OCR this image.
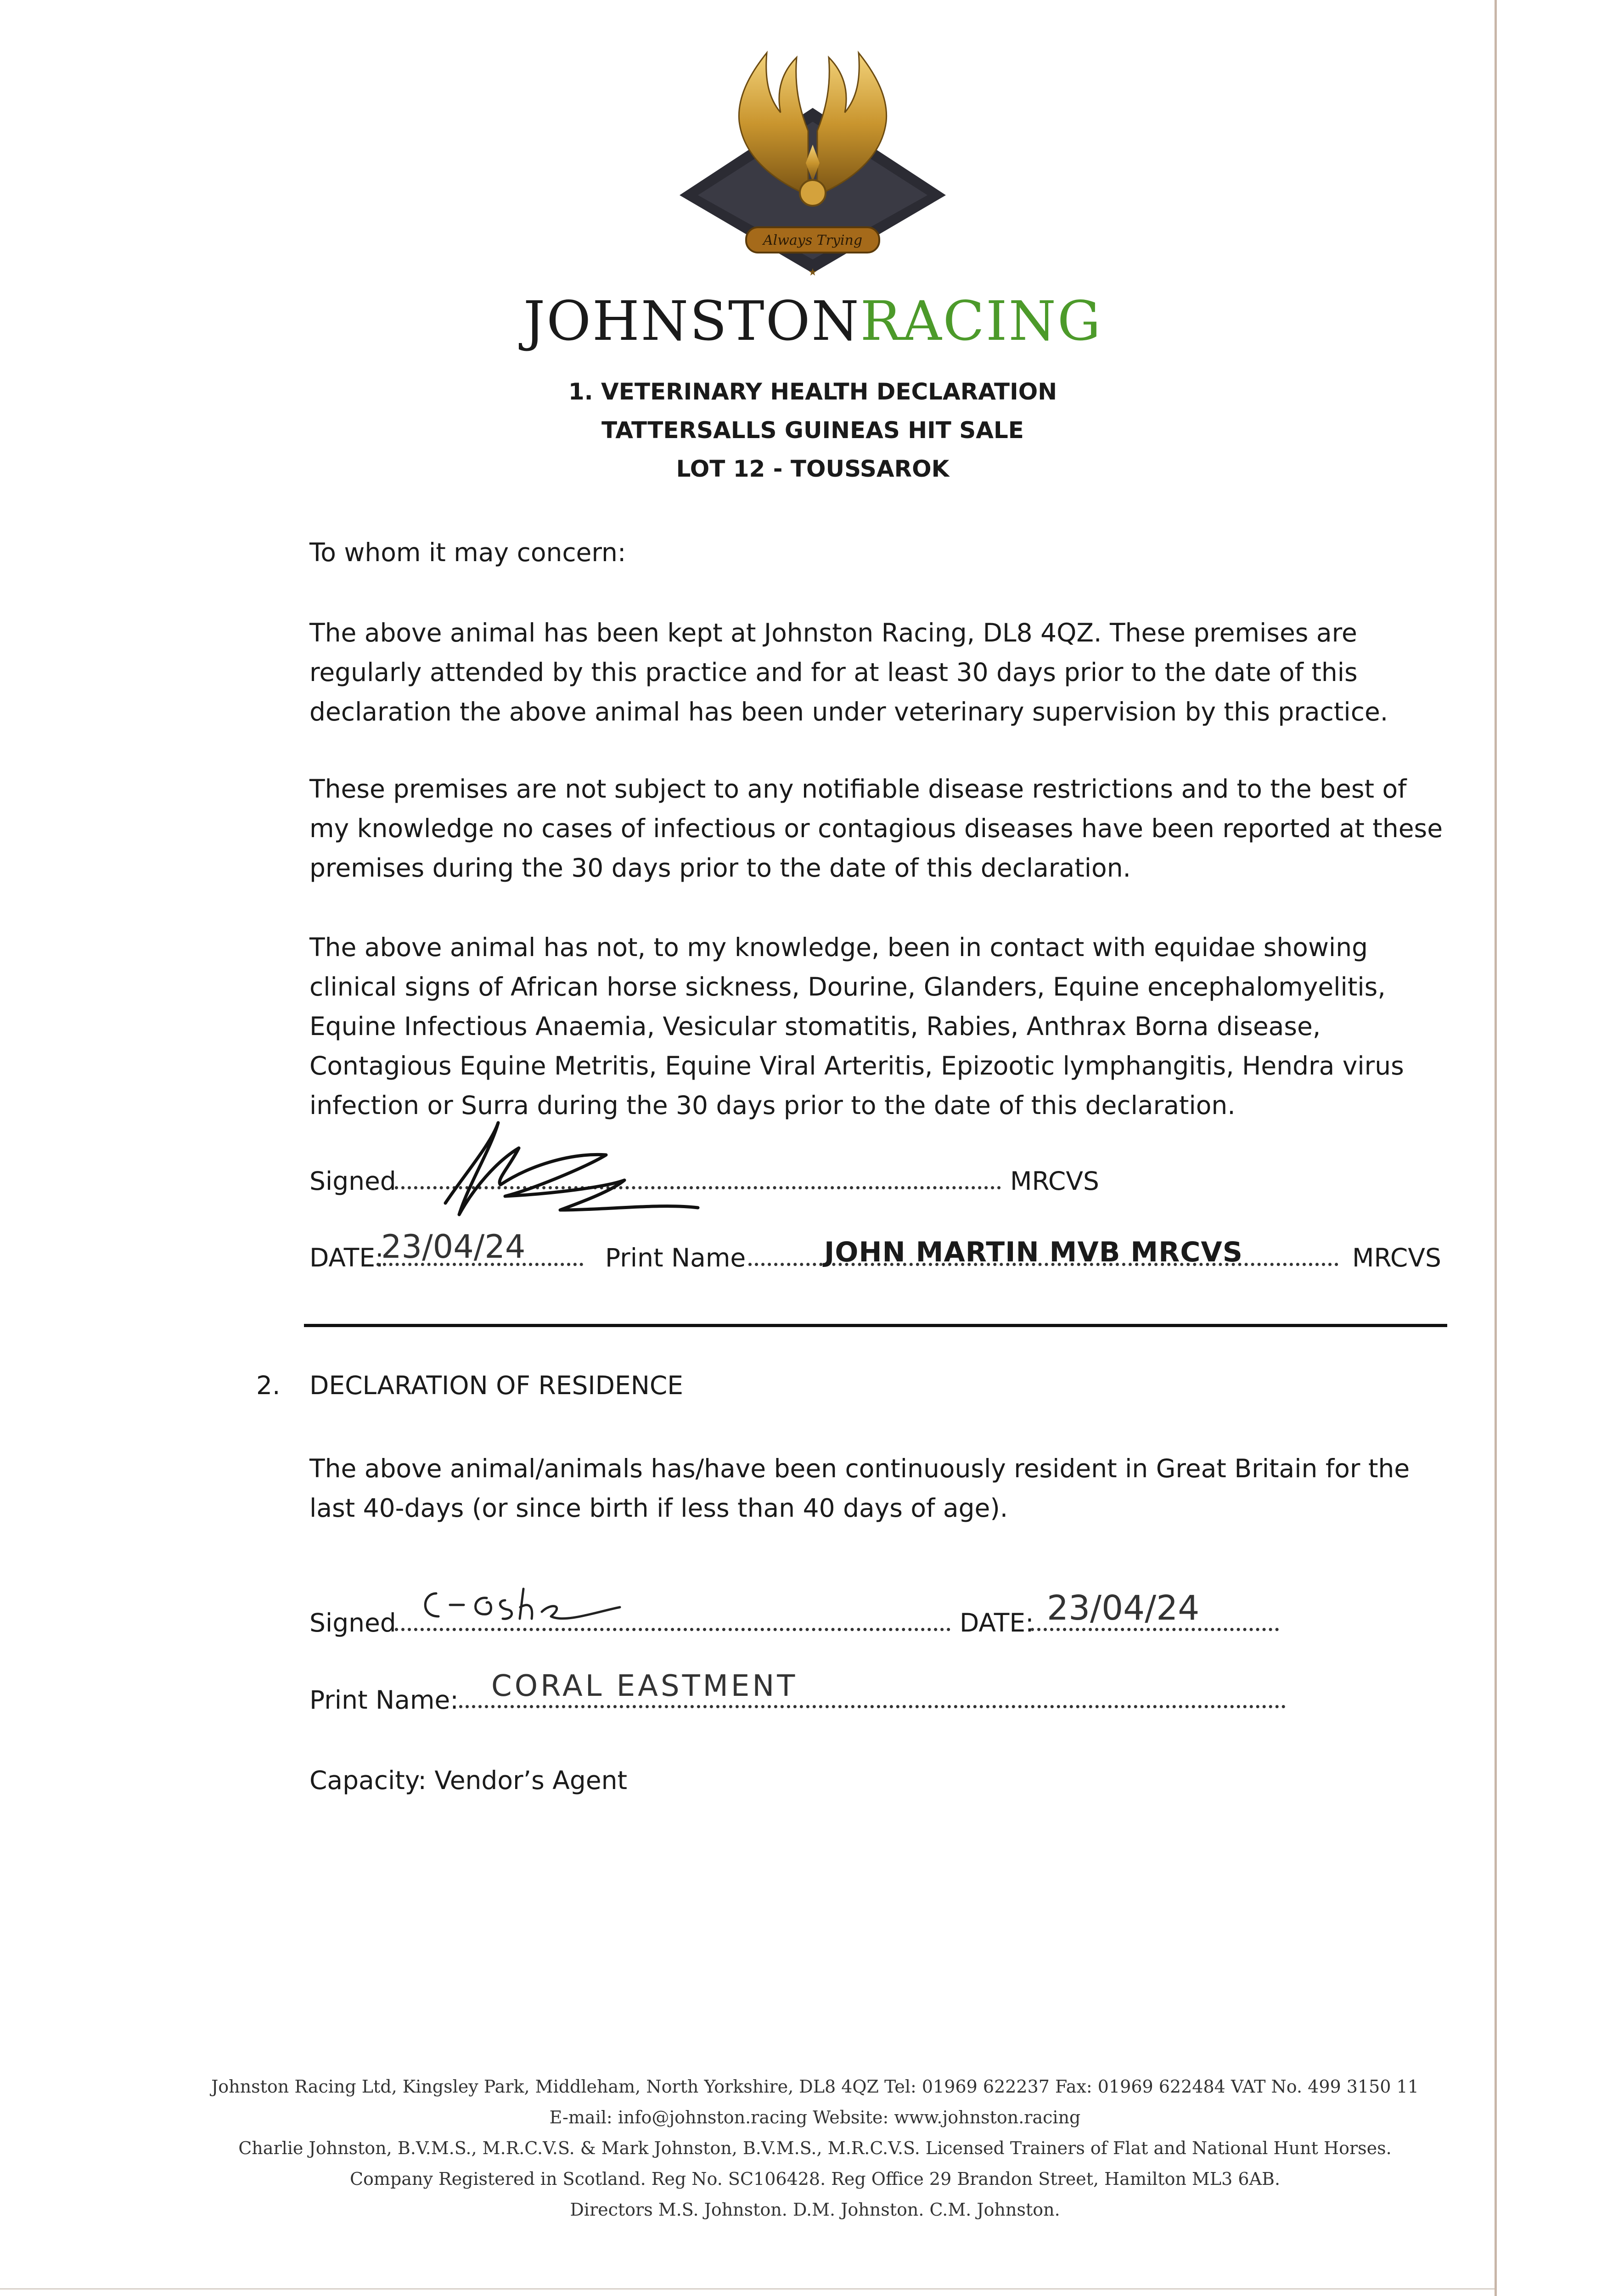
Always Trying
★
JOHNSTONRACING
1. VETERINARY HEALTH DECLARATION
TATTERSALLS GUINEAS HIT SALE
LOT 12 - TOUSSAROK
To whom it may concern:
The above animal has been kept at Johnston Racing, DL8 4QZ. These premises are regularly attended by this practice and for at least 30 days prior to the date of this declaration the above animal has been under veterinary supervision by this practice.
These premises are not subject to any notifiable disease restrictions and to the best of my knowledge no cases of infectious or contagious diseases have been reported at these premises during the 30 days prior to the date of this declaration.
The above animal has not, to my knowledge, been in contact with equidae showing clinical signs of African horse sickness, Dourine, Glanders, Equine encephalomyelitis, Equine Infectious Anaemia, Vesicular stomatitis, Rabies, Anthrax Borna disease, Contagious Equine Metritis, Equine Viral Arteritis, Epizootic lymphangitis, Hendra virus infection or Surra during the 30 days prior to the date of this declaration.
Signed	MRCVS
DATE:
23/04/24	Print Name	JOHN MARTIN MVB MRCVS	MRCVS
2. DECLARATION OF RESIDENCE
The above animal/animals has/have been continuously resident in Great Britain for the last 40-days (or since birth if less than 40 days of age).
Signed	DATE: 23/04/24
Print Name: CORAL EASTMENT
Capacity: Vendor’s Agent
Johnston Racing Ltd, Kingsley Park, Middleham, North Yorkshire, DL8 4QZ Tel: 01969 622237 Fax: 01969 622484 VAT No. 499 3150 11
E-mail: info@johnston.racing Website: www.johnston.racing
Charlie Johnston, B.V.M.S., M.R.C.V.S. & Mark Johnston, B.V.M.S., M.R.C.V.S. Licensed Trainers of Flat and National Hunt Horses.
Company Registered in Scotland. Reg No. SC106428. Reg Office 29 Brandon Street, Hamilton ML3 6AB.
Directors M.S. Johnston. D.M. Johnston. C.M. Johnston.
